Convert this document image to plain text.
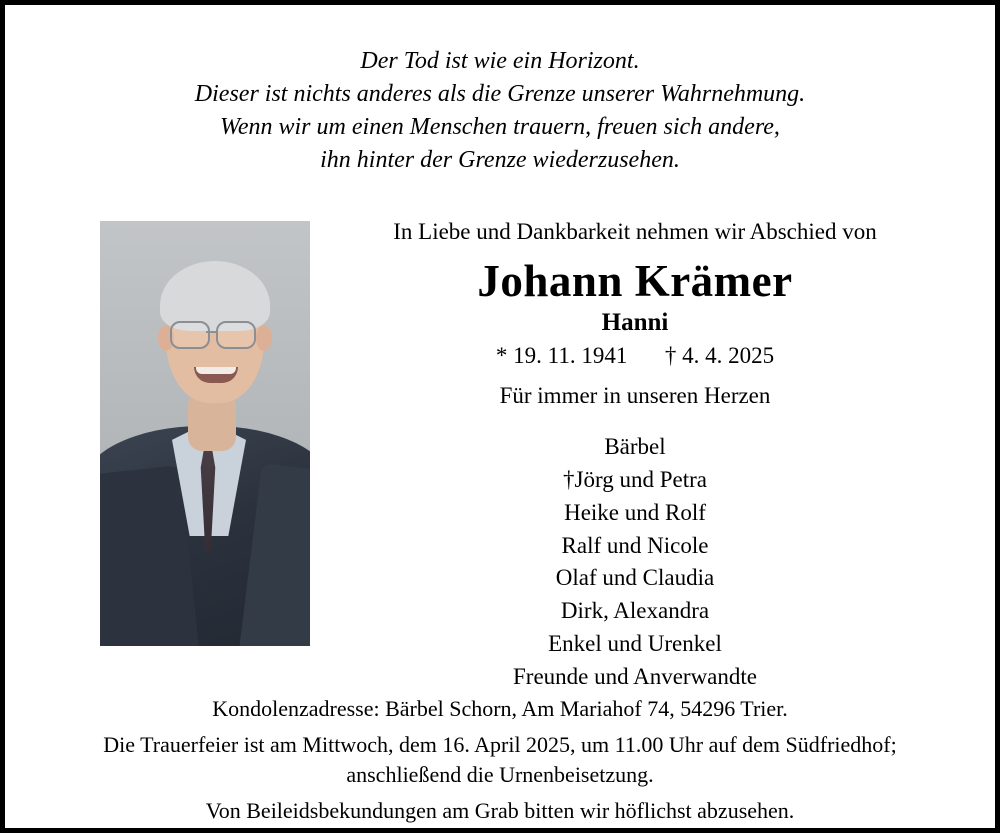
Der Tod ist wie ein Horizont.
Dieser ist nichts anderes als die Grenze unserer Wahrnehmung.
Wenn wir um einen Menschen trauern, freuen sich andere,
ihn hinter der Grenze wiederzusehen.
In Liebe und Dankbarkeit nehmen wir Abschied von
Johann Krämer
Hanni
* 19. 11. 1941 † 4. 4. 2025
Für immer in unseren Herzen
Bärbel
†Jörg und Petra
Heike und Rolf
Ralf und Nicole
Olaf und Claudia
Dirk, Alexandra
Enkel und Urenkel
Freunde und Anverwandte
Kondolenzadresse: Bärbel Schorn, Am Mariahof 74, 54296 Trier.
Die Trauerfeier ist am Mittwoch, dem 16. April 2025, um 11.00 Uhr auf dem Südfriedhof;
anschließend die Urnenbeisetzung.
Von Beileidsbekundungen am Grab bitten wir höflichst abzusehen.
